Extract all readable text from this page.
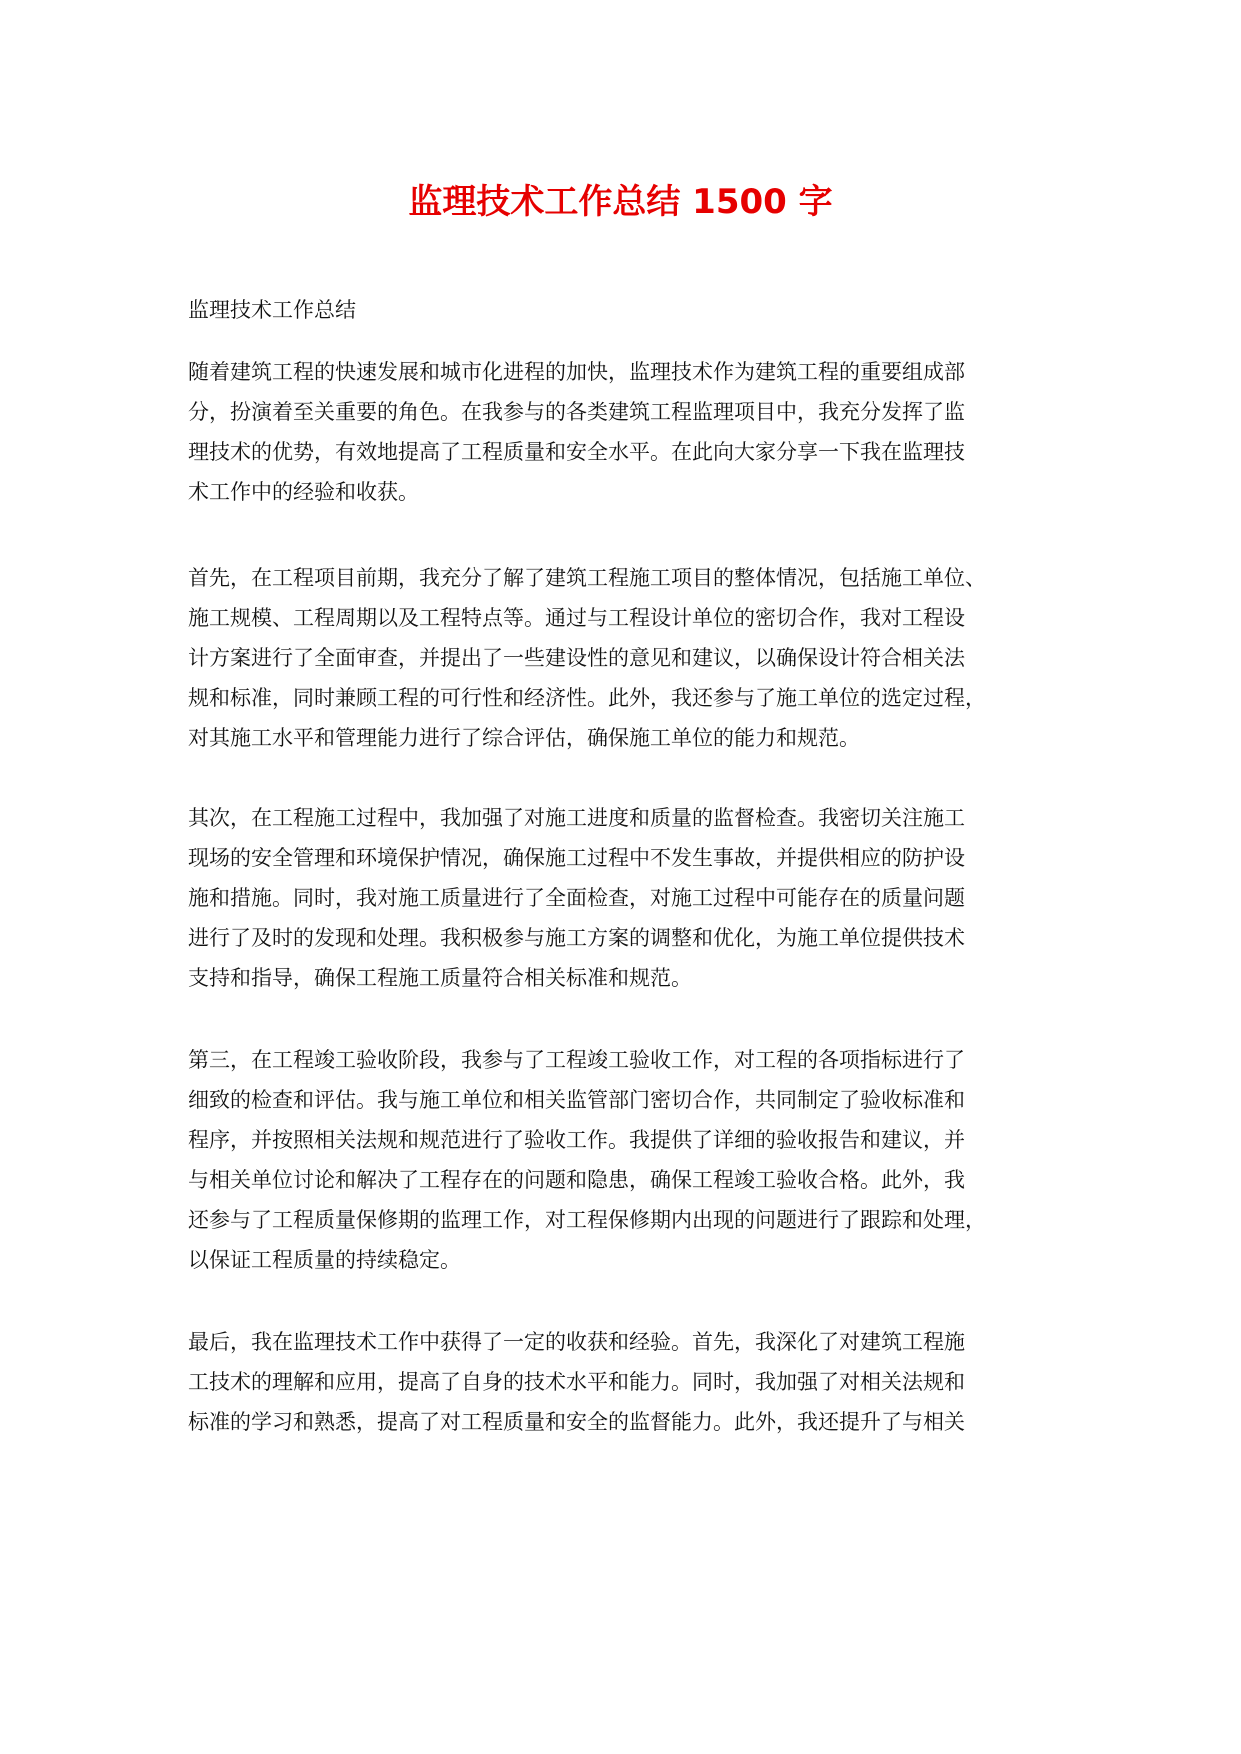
监理技术工作总结 1500 字

监理技术工作总结

随着建筑工程的快速发展和城市化进程的加快，监理技术作为建筑工程的重要组成部
分，扮演着至关重要的角色。在我参与的各类建筑工程监理项目中，我充分发挥了监
理技术的优势，有效地提高了工程质量和安全水平。在此向大家分享一下我在监理技
术工作中的经验和收获。
首先，在工程项目前期，我充分了解了建筑工程施工项目的整体情况，包括施工单位、
施工规模、工程周期以及工程特点等。通过与工程设计单位的密切合作，我对工程设
计方案进行了全面审查，并提出了一些建设性的意见和建议，以确保设计符合相关法
规和标准，同时兼顾工程的可行性和经济性。此外，我还参与了施工单位的选定过程，
对其施工水平和管理能力进行了综合评估，确保施工单位的能力和规范。
其次，在工程施工过程中，我加强了对施工进度和质量的监督检查。我密切关注施工
现场的安全管理和环境保护情况，确保施工过程中不发生事故，并提供相应的防护设
施和措施。同时，我对施工质量进行了全面检查，对施工过程中可能存在的质量问题
进行了及时的发现和处理。我积极参与施工方案的调整和优化，为施工单位提供技术
支持和指导，确保工程施工质量符合相关标准和规范。
第三，在工程竣工验收阶段，我参与了工程竣工验收工作，对工程的各项指标进行了
细致的检查和评估。我与施工单位和相关监管部门密切合作，共同制定了验收标准和
程序，并按照相关法规和规范进行了验收工作。我提供了详细的验收报告和建议，并
与相关单位讨论和解决了工程存在的问题和隐患，确保工程竣工验收合格。此外，我
还参与了工程质量保修期的监理工作，对工程保修期内出现的问题进行了跟踪和处理，
以保证工程质量的持续稳定。
最后，我在监理技术工作中获得了一定的收获和经验。首先，我深化了对建筑工程施
工技术的理解和应用，提高了自身的技术水平和能力。同时，我加强了对相关法规和
标准的学习和熟悉，提高了对工程质量和安全的监督能力。此外，我还提升了与相关
